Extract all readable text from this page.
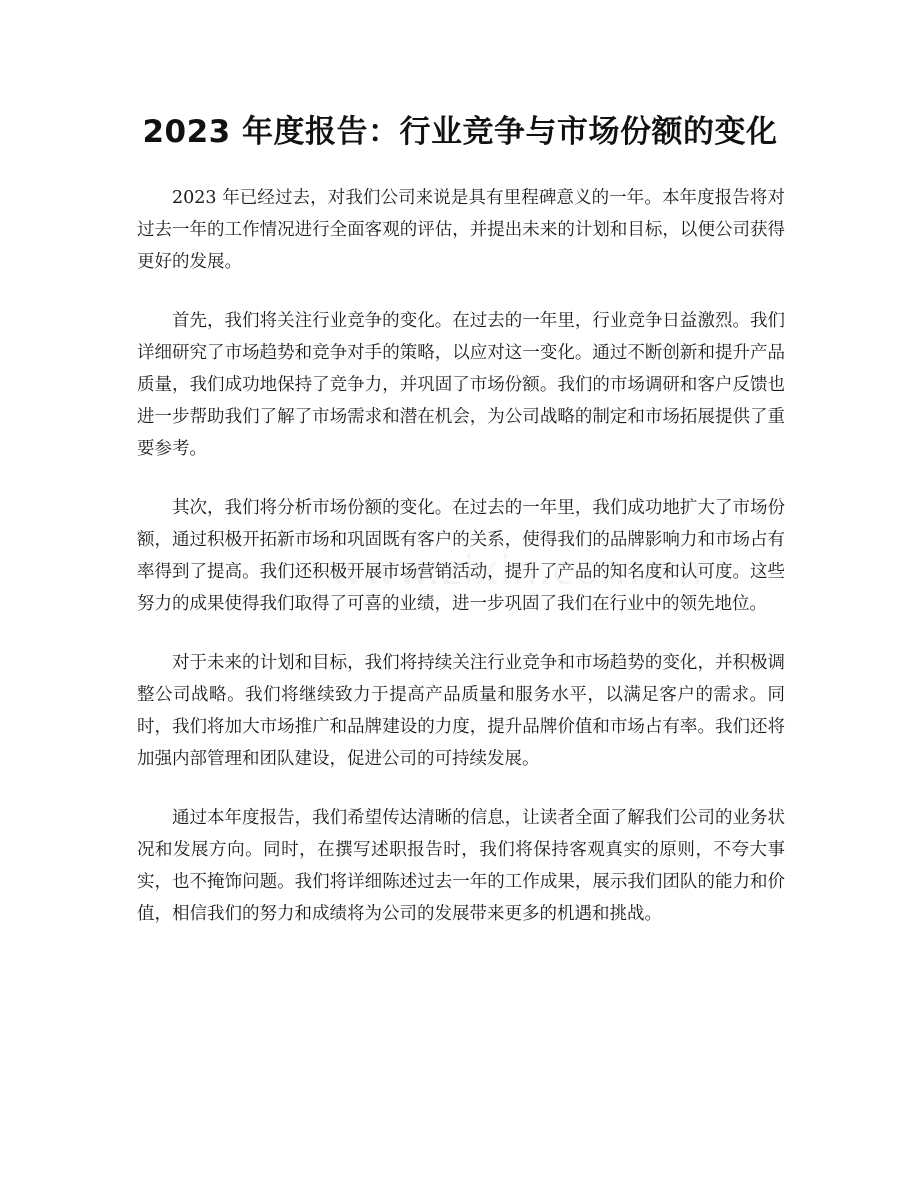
2023 年度报告：行业竞争与市场份额的变化

2023 年已经过去，对我们公司来说是具有里程碑意义的一年。本年度报告将对过去一年的工作情况进行全面客观的评估，并提出未来的计划和目标，以便公司获得更好的发展。

首先，我们将关注行业竞争的变化。在过去的一年里，行业竞争日益激烈。我们详细研究了市场趋势和竞争对手的策略，以应对这一变化。通过不断创新和提升产品质量，我们成功地保持了竞争力，并巩固了市场份额。我们的市场调研和客户反馈也进一步帮助我们了解了市场需求和潜在机会，为公司战略的制定和市场拓展提供了重要参考。

其次，我们将分析市场份额的变化。在过去的一年里，我们成功地扩大了市场份额，通过积极开拓新市场和巩固既有客户的关系，使得我们的品牌影响力和市场占有率得到了提高。我们还积极开展市场营销活动，提升了产品的知名度和认可度。这些努力的成果使得我们取得了可喜的业绩，进一步巩固了我们在行业中的领先地位。

对于未来的计划和目标，我们将持续关注行业竞争和市场趋势的变化，并积极调整公司战略。我们将继续致力于提高产品质量和服务水平，以满足客户的需求。同时，我们将加大市场推广和品牌建设的力度，提升品牌价值和市场占有率。我们还将加强内部管理和团队建设，促进公司的可持续发展。

通过本年度报告，我们希望传达清晰的信息，让读者全面了解我们公司的业务状况和发展方向。同时，在撰写述职报告时，我们将保持客观真实的原则，不夸大事实，也不掩饰问题。我们将详细陈述过去一年的工作成果，展示我们团队的能力和价值，相信我们的努力和成绩将为公司的发展带来更多的机遇和挑战。
